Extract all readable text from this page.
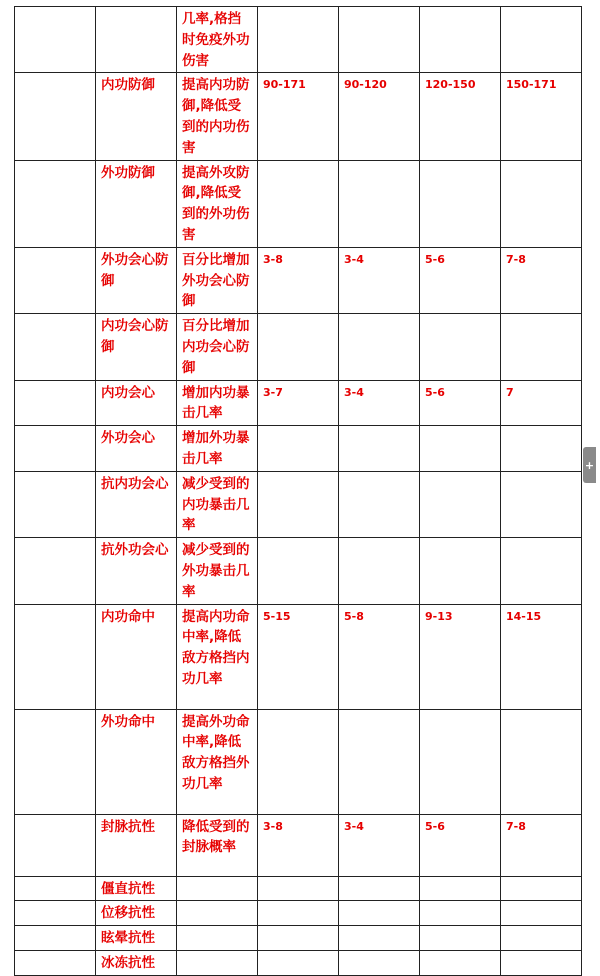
		几率,格挡时免疫外功伤害				
	内功防御	提高内功防御,降低受到的内功伤害	90-171	90-120	120-150	150-171
	外功防御	提高外攻防御,降低受到的外功伤害				
	外功会心防御	百分比增加外功会心防御	3-8	3-4	5-6	7-8
	内功会心防御	百分比增加内功会心防御				
	内功会心	增加内功暴击几率	3-7	3-4	5-6	7
	外功会心	增加外功暴击几率				
	抗内功会心	减少受到的内功暴击几率				
	抗外功会心	减少受到的外功暴击几率				
	内功命中	提高内功命中率,降低敌方格挡内功几率	5-15	5-8	9-13	14-15
	外功命中	提高外功命中率,降低敌方格挡外功几率				
	封脉抗性	降低受到的封脉概率	3-8	3-4	5-6	7-8
	僵直抗性					
	位移抗性					
	眩晕抗性					
	冰冻抗性					
+
